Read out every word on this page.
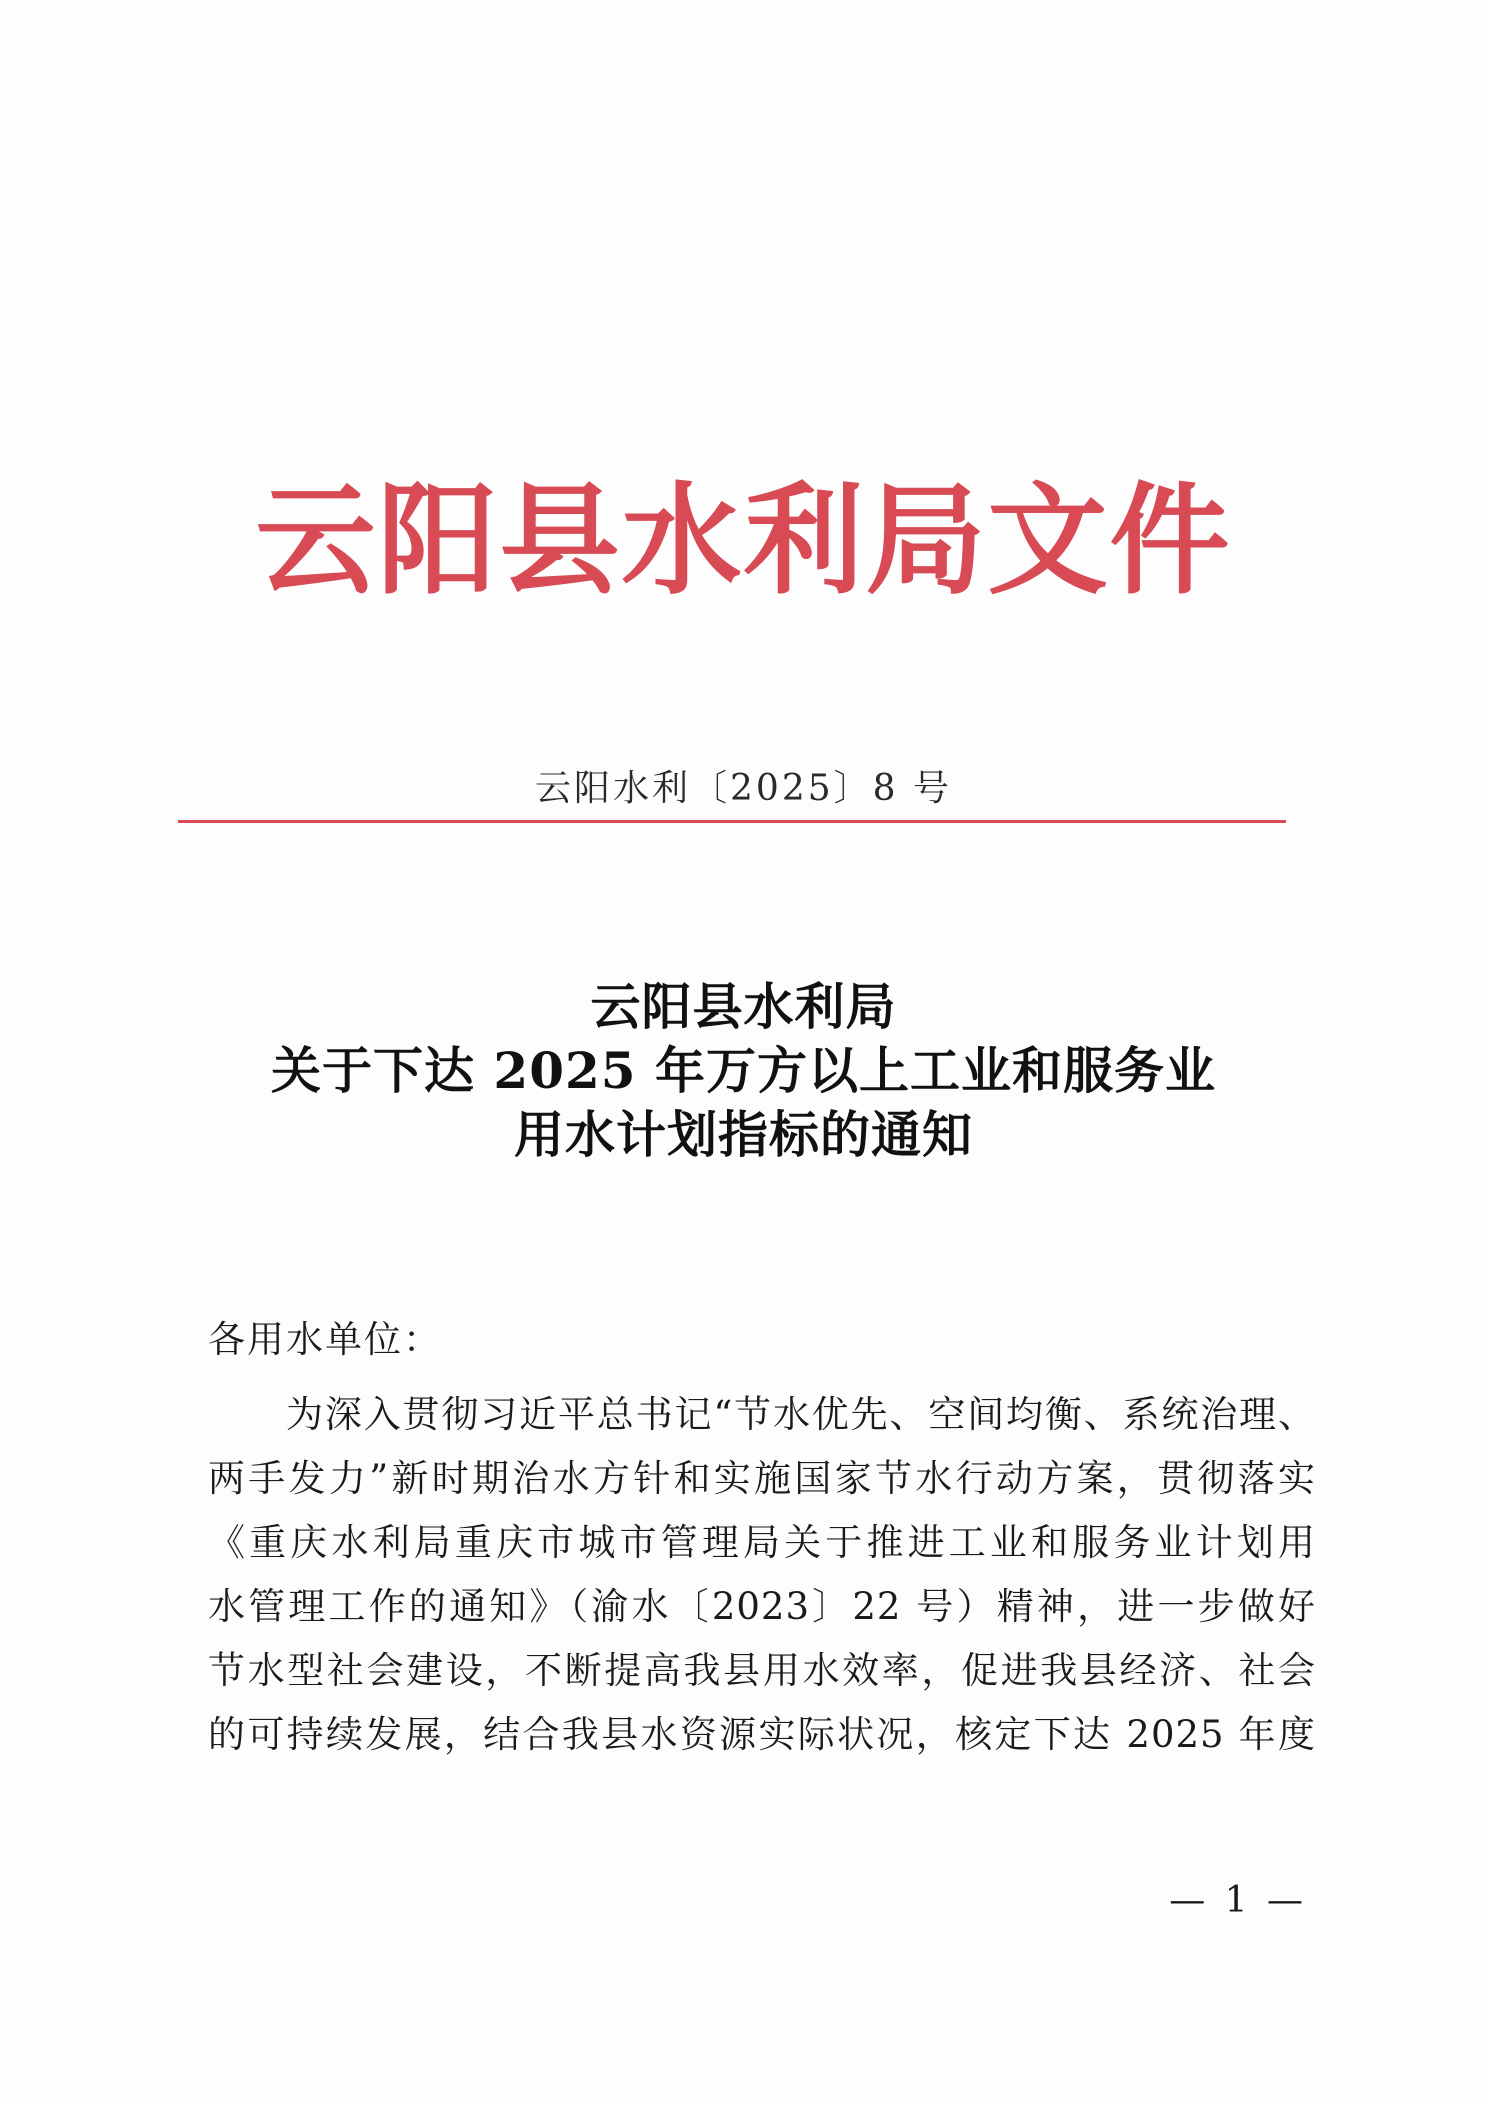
云阳县水利局文件
云阳水利〔2025〕8 号
云阳县水利局
关于下达 2025 年万方以上工业和服务业
用水计划指标的通知
各用水单位：
为深入贯彻习近平总书记“节水优先、空间均衡、系统治理、
两手发力”新时期治水方针和实施国家节水行动方案，贯彻落实
《重庆水利局重庆市城市管理局关于推进工业和服务业计划用
水管理工作的通知》（渝水〔2023〕22 号）精神，进一步做好
节水型社会建设，不断提高我县用水效率，促进我县经济、社会
的可持续发展，结合我县水资源实际状况，核定下达 2025 年度
— 1 —
